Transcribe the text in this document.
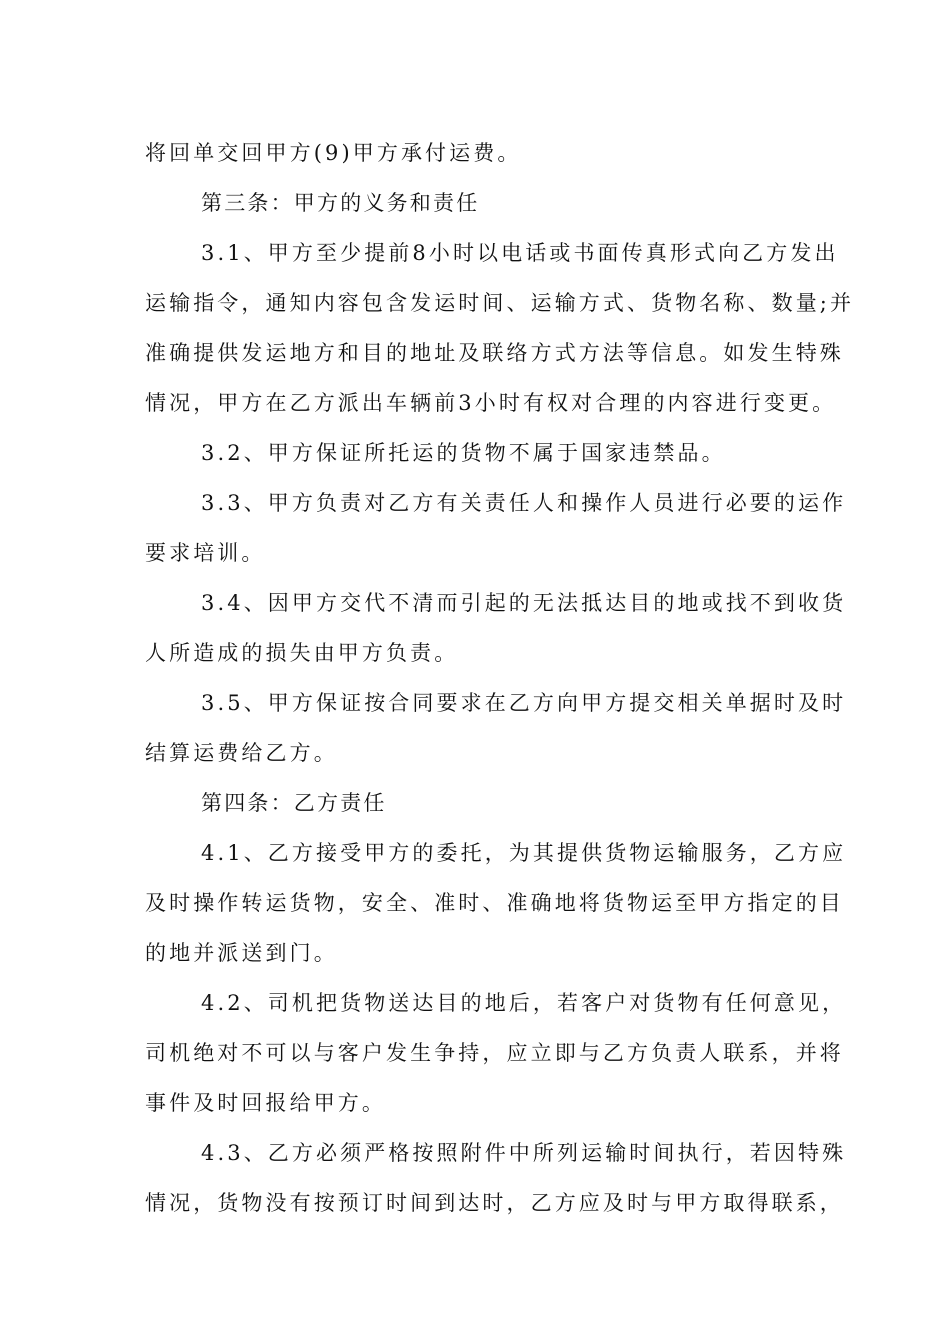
将回单交回甲方(9)甲方承付运费。
第三条：甲方的义务和责任
3.1、甲方至少提前8小时以电话或书面传真形式向乙方发出
运输指令，通知内容包含发运时间、运输方式、货物名称、数量;并
准确提供发运地方和目的地址及联络方式方法等信息。如发生特殊
情况，甲方在乙方派出车辆前3小时有权对合理的内容进行变更。
3.2、甲方保证所托运的货物不属于国家违禁品。
3.3、甲方负责对乙方有关责任人和操作人员进行必要的运作
要求培训。
3.4、因甲方交代不清而引起的无法抵达目的地或找不到收货
人所造成的损失由甲方负责。
3.5、甲方保证按合同要求在乙方向甲方提交相关单据时及时
结算运费给乙方。
第四条：乙方责任
4.1、乙方接受甲方的委托，为其提供货物运输服务，乙方应
及时操作转运货物，安全、准时、准确地将货物运至甲方指定的目
的地并派送到门。
4.2、司机把货物送达目的地后，若客户对货物有任何意见，
司机绝对不可以与客户发生争持，应立即与乙方负责人联系，并将
事件及时回报给甲方。
4.3、乙方必须严格按照附件中所列运输时间执行，若因特殊
情况，货物没有按预订时间到达时，乙方应及时与甲方取得联系，
